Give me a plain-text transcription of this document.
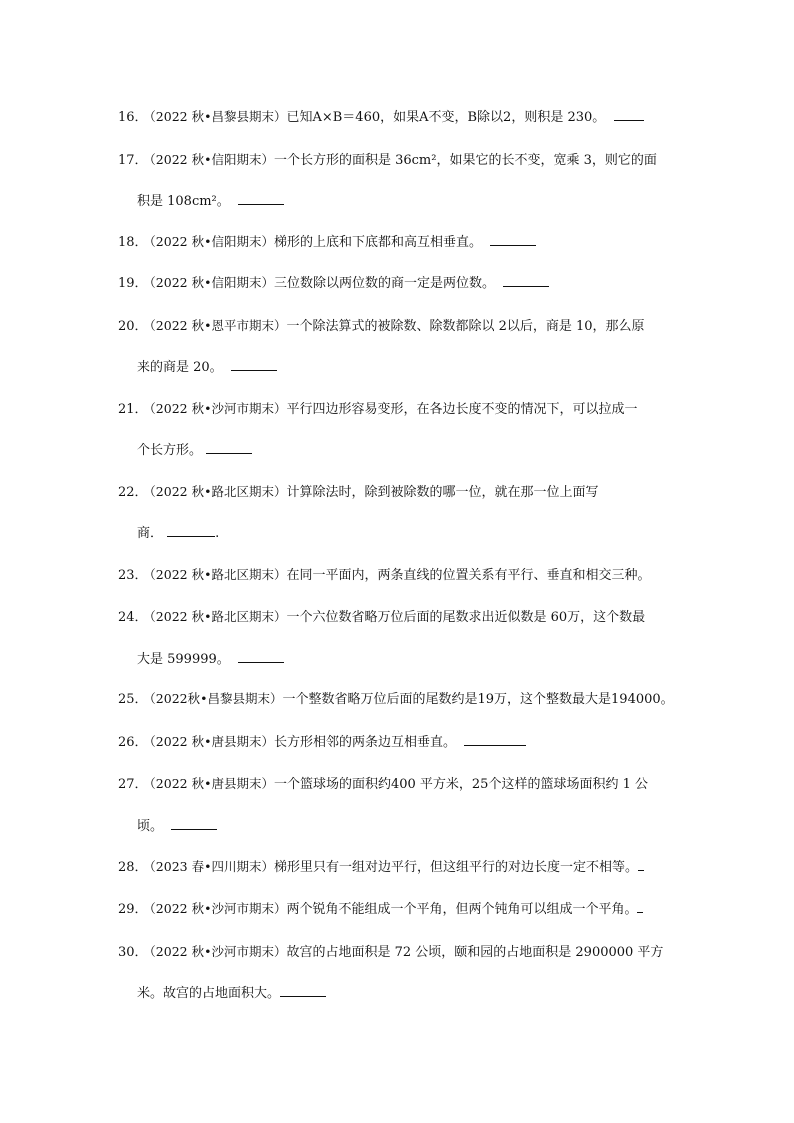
16． （2022 秋•昌黎县期末）已知A×B＝460，如果A不变，B除以2，则积是 230。
17． （2022 秋•信阳期末）一个长方形的面积是 36cm²，如果它的长不变，宽乘 3，则它的面
积是 108cm²。
18． （2022 秋•信阳期末）梯形的上底和下底都和高互相垂直。
19． （2022 秋•信阳期末）三位数除以两位数的商一定是两位数。
20． （2022 秋•恩平市期末）一个除法算式的被除数、除数都除以 2以后，商是 10，那么原
来的商是 20。
21． （2022 秋•沙河市期末）平行四边形容易变形，在各边长度不变的情况下，可以拉成一
个长方形。
22． （2022 秋•路北区期末）计算除法时，除到被除数的哪一位，就在那一位上面写
商．	.
23． （2022 秋•路北区期末）在同一平面内，两条直线的位置关系有平行、垂直和相交三种。
24． （2022 秋•路北区期末）一个六位数省略万位后面的尾数求出近似数是 60万，这个数最
大是 599999。
25． （2022秋•昌黎县期末）一个整数省略万位后面的尾数约是19万，这个整数最大是194000。
26． （2022 秋•唐县期末）长方形相邻的两条边互相垂直。
27． （2022 秋•唐县期末）一个篮球场的面积约400 平方米，25个这样的篮球场面积约 1 公
顷。
28． （2023 春•四川期末）梯形里只有一组对边平行，但这组平行的对边长度一定不相等。
29． （2022 秋•沙河市期末）两个锐角不能组成一个平角，但两个钝角可以组成一个平角。
30． （2022 秋•沙河市期末）故宫的占地面积是 72 公顷，颐和园的占地面积是 2900000 平方
米。故宫的占地面积大。
